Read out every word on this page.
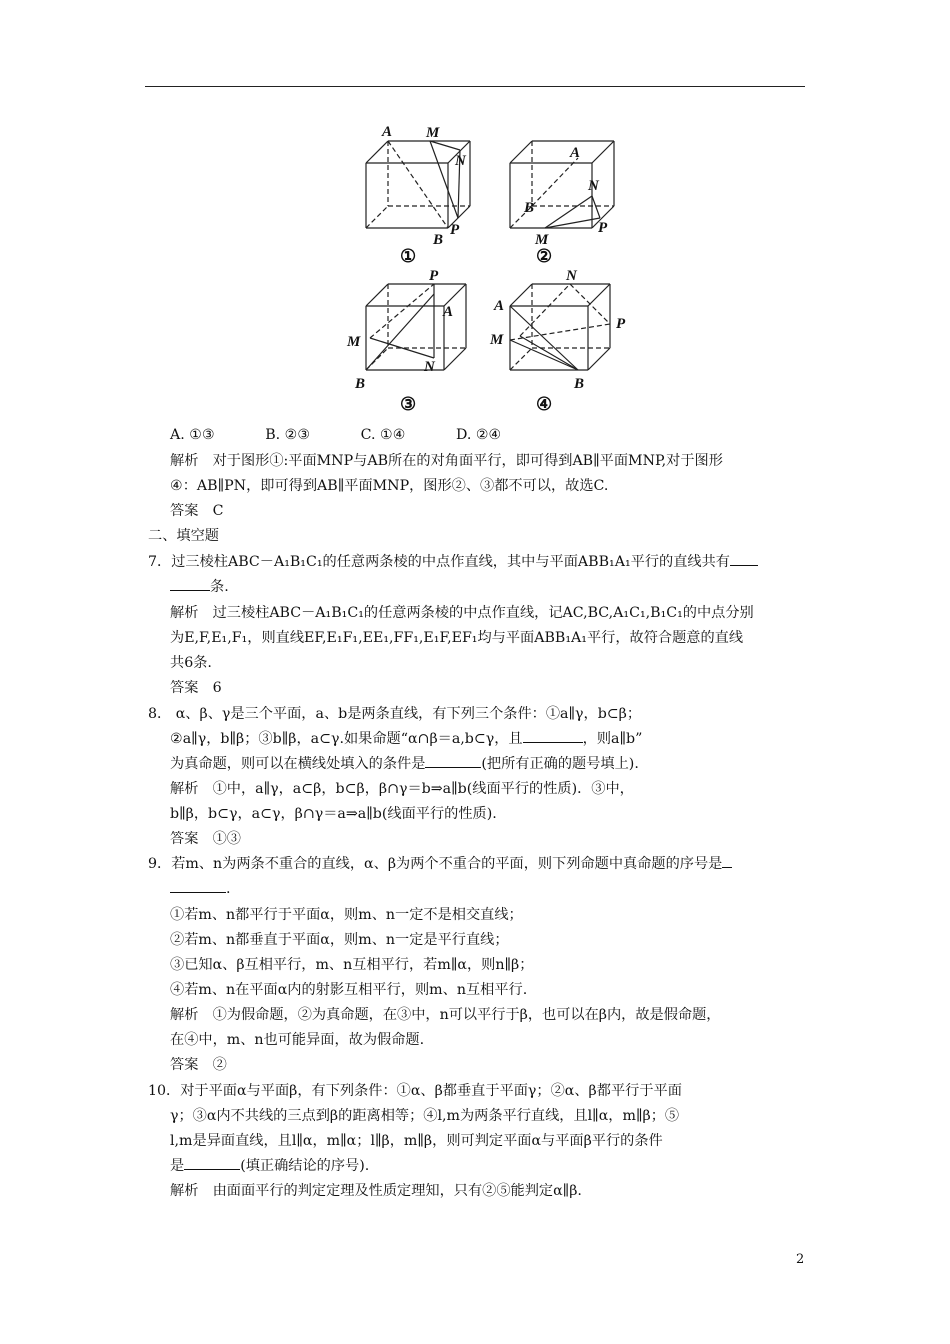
A M
N
B
P
①
A
N
B
M
P
②
P
A
M
B
N
③
N
A
P
M
B
④
A. ①③	B. ②③	C. ①④	D. ②④
解析　对于图形①:平面MNP与AB所在的对角面平行，即可得到AB∥平面MNP,对于图形
④：AB∥PN，即可得到AB∥平面MNP，图形②、③都不可以，故选C.
答案　C
二、填空题
7．过三棱柱ABC－A₁B₁C₁的任意两条棱的中点作直线，其中与平面ABB₁A₁平行的直线共有
条.
解析　过三棱柱ABC－A₁B₁C₁的任意两条棱的中点作直线，记AC,BC,A₁C₁,B₁C₁的中点分别
为E,F,E₁,F₁，则直线EF,E₁F₁,EE₁,FF₁,E₁F,EF₁均与平面ABB₁A₁平行，故符合题意的直线
共6条.
答案　6
8． α、β、γ是三个平面，a、b是两条直线，有下列三个条件：①a∥γ，b⊂β；
②a∥γ，b∥β；③b∥β，a⊂γ.如果命题“α∩β＝a,b⊂γ，且	，则a∥b”
为真命题，则可以在横线处填入的条件是	(把所有正确的题号填上).
解析　①中，a∥γ，a⊂β，b⊂β，β∩γ＝b⇒a∥b(线面平行的性质)．③中，
b∥β，b⊂γ，a⊂γ，β∩γ＝a⇒a∥b(线面平行的性质).
答案　①③
9．若m、n为两条不重合的直线，α、β为两个不重合的平面，则下列命题中真命题的序号是
.
①若m、n都平行于平面α，则m、n一定不是相交直线；
②若m、n都垂直于平面α，则m、n一定是平行直线；
③已知α、β互相平行，m、n互相平行，若m∥α，则n∥β；
④若m、n在平面α内的射影互相平行，则m、n互相平行.
解析　①为假命题，②为真命题，在③中，n可以平行于β，也可以在β内，故是假命题，
在④中，m、n也可能异面，故为假命题.
答案　②
10．对于平面α与平面β，有下列条件：①α、β都垂直于平面γ；②α、β都平行于平面
γ；③α内不共线的三点到β的距离相等；④l,m为两条平行直线，且l∥α，m∥β；⑤
l,m是异面直线，且l∥α，m∥α；l∥β，m∥β，则可判定平面α与平面β平行的条件
是	(填正确结论的序号).
解析　由面面平行的判定定理及性质定理知，只有②⑤能判定α∥β.
2
